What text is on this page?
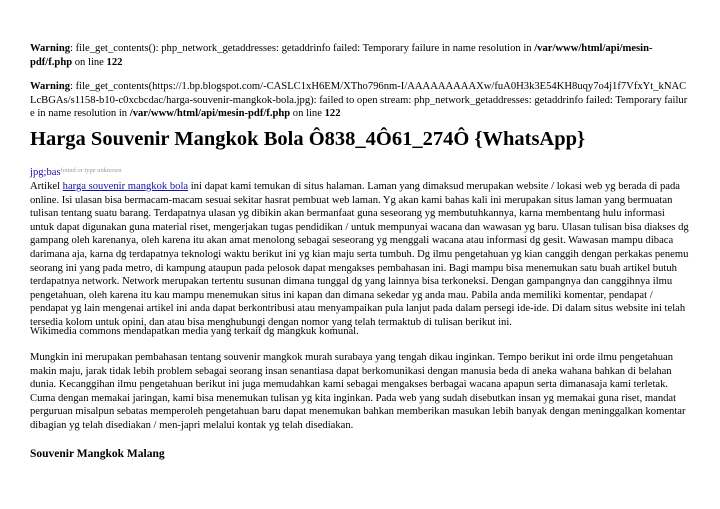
Warning: file_get_contents(): php_network_getaddresses: getaddrinfo failed: Temporary failure in name resolution in /var/www/html/api/mesin-pdf/f.php on line 122

Warning: file_get_contents(https://1.bp.blogspot.com/-CASLC1xH6EM/XTho796nm-I/AAAAAAAAAXw/fuA0H3k3E54KH8uqy7o4j1f7VfxYt_kNACLcBGAs/s1158-b10-c0xcbcdac/harga-souvenir-mangkok-bola.jpg): failed to open stream: php_network_getaddresses: getaddrinfo failed: Temporary failure in name resolution in /var/www/html/api/mesin-pdf/f.php on line 122

Harga Souvenir Mangkok Bola Ô838_4Ô61_274Ô {WhatsApp}
jpg;bas$^{found or type unknown}$

Artikel harga souvenir mangkok bola ini dapat kami temukan di situs halaman. Laman yang dimaksud merupakan website / lokasi web yg berada di pada online. Isi ulasan bisa bermacam-macam sesuai sekitar hasrat pembuat web laman. Yg akan kami bahas kali ini merupakan situs laman yang bermuatan tulisan tentang suatu barang. Terdapatnya ulasan yg dibikin akan bermanfaat guna seseorang yg membutuhkannya, karna membentang hulu informasi untuk dapat digunakan guna material riset, mengerjakan tugas pendidikan / untuk mempunyai wacana dan wawasan yg baru. Ulasan tulisan bisa diakses dg gampang oleh karenanya, oleh karena itu akan amat menolong sebagai seseorang yg menggali wacana atau informasi dg gesit. Wawasan mampu dibaca darimana aja, karna dg terdapatnya teknologi waktu berikut ini yg kian maju serta tumbuh. Dg ilmu pengetahuan yg kian canggih dengan perkakas penemu seorang ini yang pada metro, di kampung ataupun pada pelosok dapat mengakses pembahasan ini. Bagi mampu bisa menemukan satu buah artikel butuh terdapatnya network. Network merupakan tertentu susunan dimana tunggal dg yang lainnya bisa terkoneksi. Dengan gampangnya dan canggihnya ilmu pengetahuan, oleh karena itu kau mampu menemukan situs ini kapan dan dimana sekedar yg anda mau. Pabila anda memiliki komentar, pendapat / pendapat yg lain mengenai artikel ini anda dapat berkontribusi atau menyampaikan pula lanjut pada dalam persegi ide-ide. Di dalam situs website ini telah tersedia kolom untuk opini, dan atau bisa menghubungi dengan nomor yang telah termaktub di tulisan berikut ini.

Wikimedia commons mendapatkan media yang terkait dg mangkuk komunal.

Mungkin ini merupakan pembahasan tentang souvenir mangkok murah surabaya yang tengah dikau inginkan. Tempo berikut ini orde ilmu pengetahuan makin maju, jarak tidak lebih problem sebagai seorang insan senantiasa dapat berkomunikasi dengan manusia beda di aneka wahana bahkan di belahan dunia. Kecanggihan ilmu pengetahuan berikut ini juga memudahkan kami sebagai mengakses berbagai wacana apapun serta dimanasaja kami terletak. Cuma dengan memakai jaringan, kami bisa menemukan tulisan yg kita inginkan. Pada web yang sudah disebutkan insan yg memakai guna riset, mandat perguruan misalpun sebatas memperoleh pengetahuan baru dapat menemukan bahkan memberikan masukan lebih banyak dengan meninggalkan komentar dibagian yg telah disediakan / men-japri melalui kontak yg telah disediakan.

Souvenir Mangkok Malang
